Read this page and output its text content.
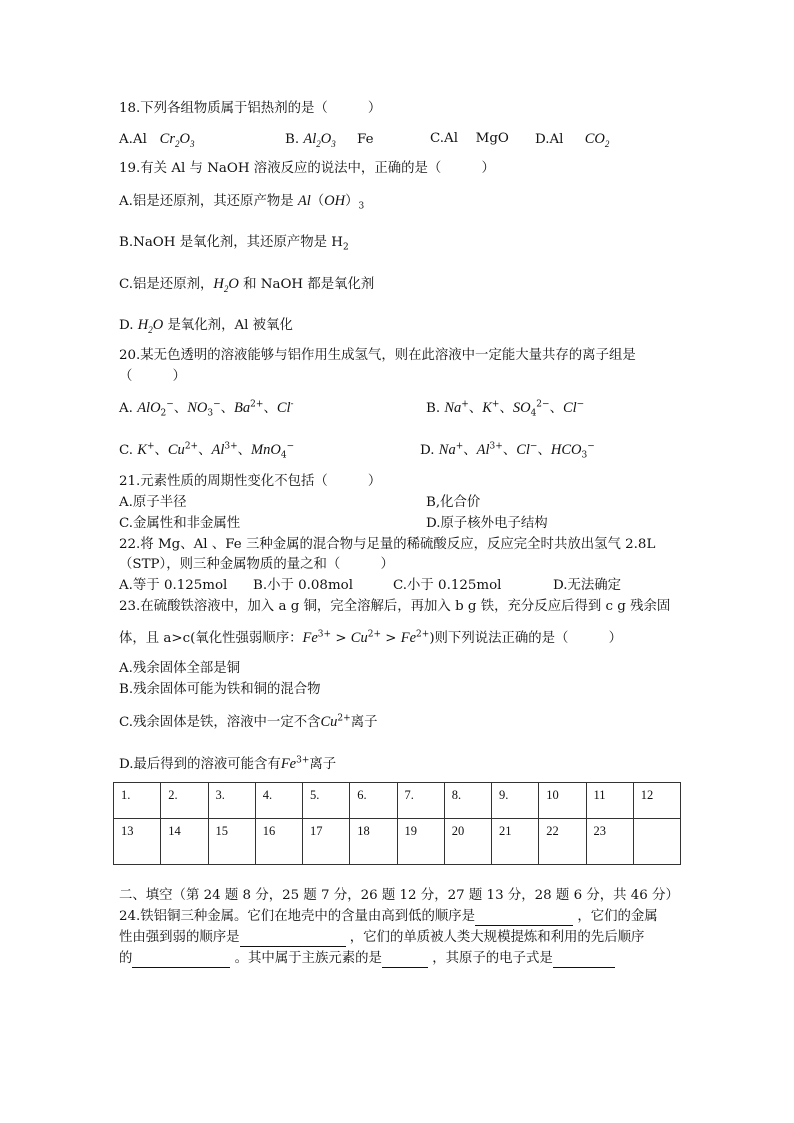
18.下列各组物质属于铝热剂的是（　　　）
A.Al $Cr_2O_3$	B. $Al_2O_3$ Fe	C.Al　 MgO D.Al $CO_2$
19.有关 Al 与 NaOH 溶液反应的说法中，正确的是（　　　）
A.铝是还原剂，其还原产物是 $Al(OH)_3$
B.NaOH 是氧化剂，其还原产物是 $H_2$
C.铝是还原剂，$H_2O$ 和 NaOH 都是氧化剂
D. $H_2O$ 是氧化剂，Al 被氧化
20.某无色透明的溶液能够与铝作用生成氢气，则在此溶液中一定能大量共存的离子组是
（　　　）
A. AlO$_2$−、$NO_3^-$、$Ba^{2+}$、Cl-	B. Na+、K+、$SO_4^{2-}$、Cl−
C. K+、$Cu^{2+}$、$Al^{3+}$、MnO$_4$−	D. Na+、$Al^{3+}$、Cl−、$HCO_3^-$
21.元素性质的周期性变化不包括（　　　）
A.原子半径	B,化合价
C.金属性和非金属性	D.原子核外电子结构
22.将 Mg、Al 、Fe 三种金属的混合物与足量的稀硫酸反应，反应完全时共放出氢气 2.8L
（STP），则三种金属物质的量之和（　　　）
A.等于 0.125mol B.小于 0.08mol	C.小于 0.125mol	D.无法确定
23.在硫酸铁溶液中，加入 a g 铜，完全溶解后，再加入 b g 铁，充分反应后得到 c g 残余固
体，且 a>c(氧化性强弱顺序：$Fe^{3+} > Cu^{2+} > Fe^{2+}$)则下列说法正确的是（　　　）
A.残余固体全部是铜
B.残余固体可能为铁和铜的混合物
C.残余固体是铁，溶液中一定不含$Cu^{2+}$离子
D.最后得到的溶液可能含有$Fe^{3+}$离子
1.	2.	3.	4.	5.	6.	7.	8.	9.	10	11	12
13	14	15	16	17	18	19	20	21	22	23	
二、填空（第 24 题 8 分，25 题 7 分，26 题 12 分，27 题 13 分，28 题 6 分，共 46 分）
24.铁铝铜三种金属。它们在地壳中的含量由高到低的顺序是	，它们的金属
性由强到弱的顺序是	，它们的单质被人类大规模提炼和利用的先后顺序
的	。其中属于主族元素的是	，其原子的电子式是
